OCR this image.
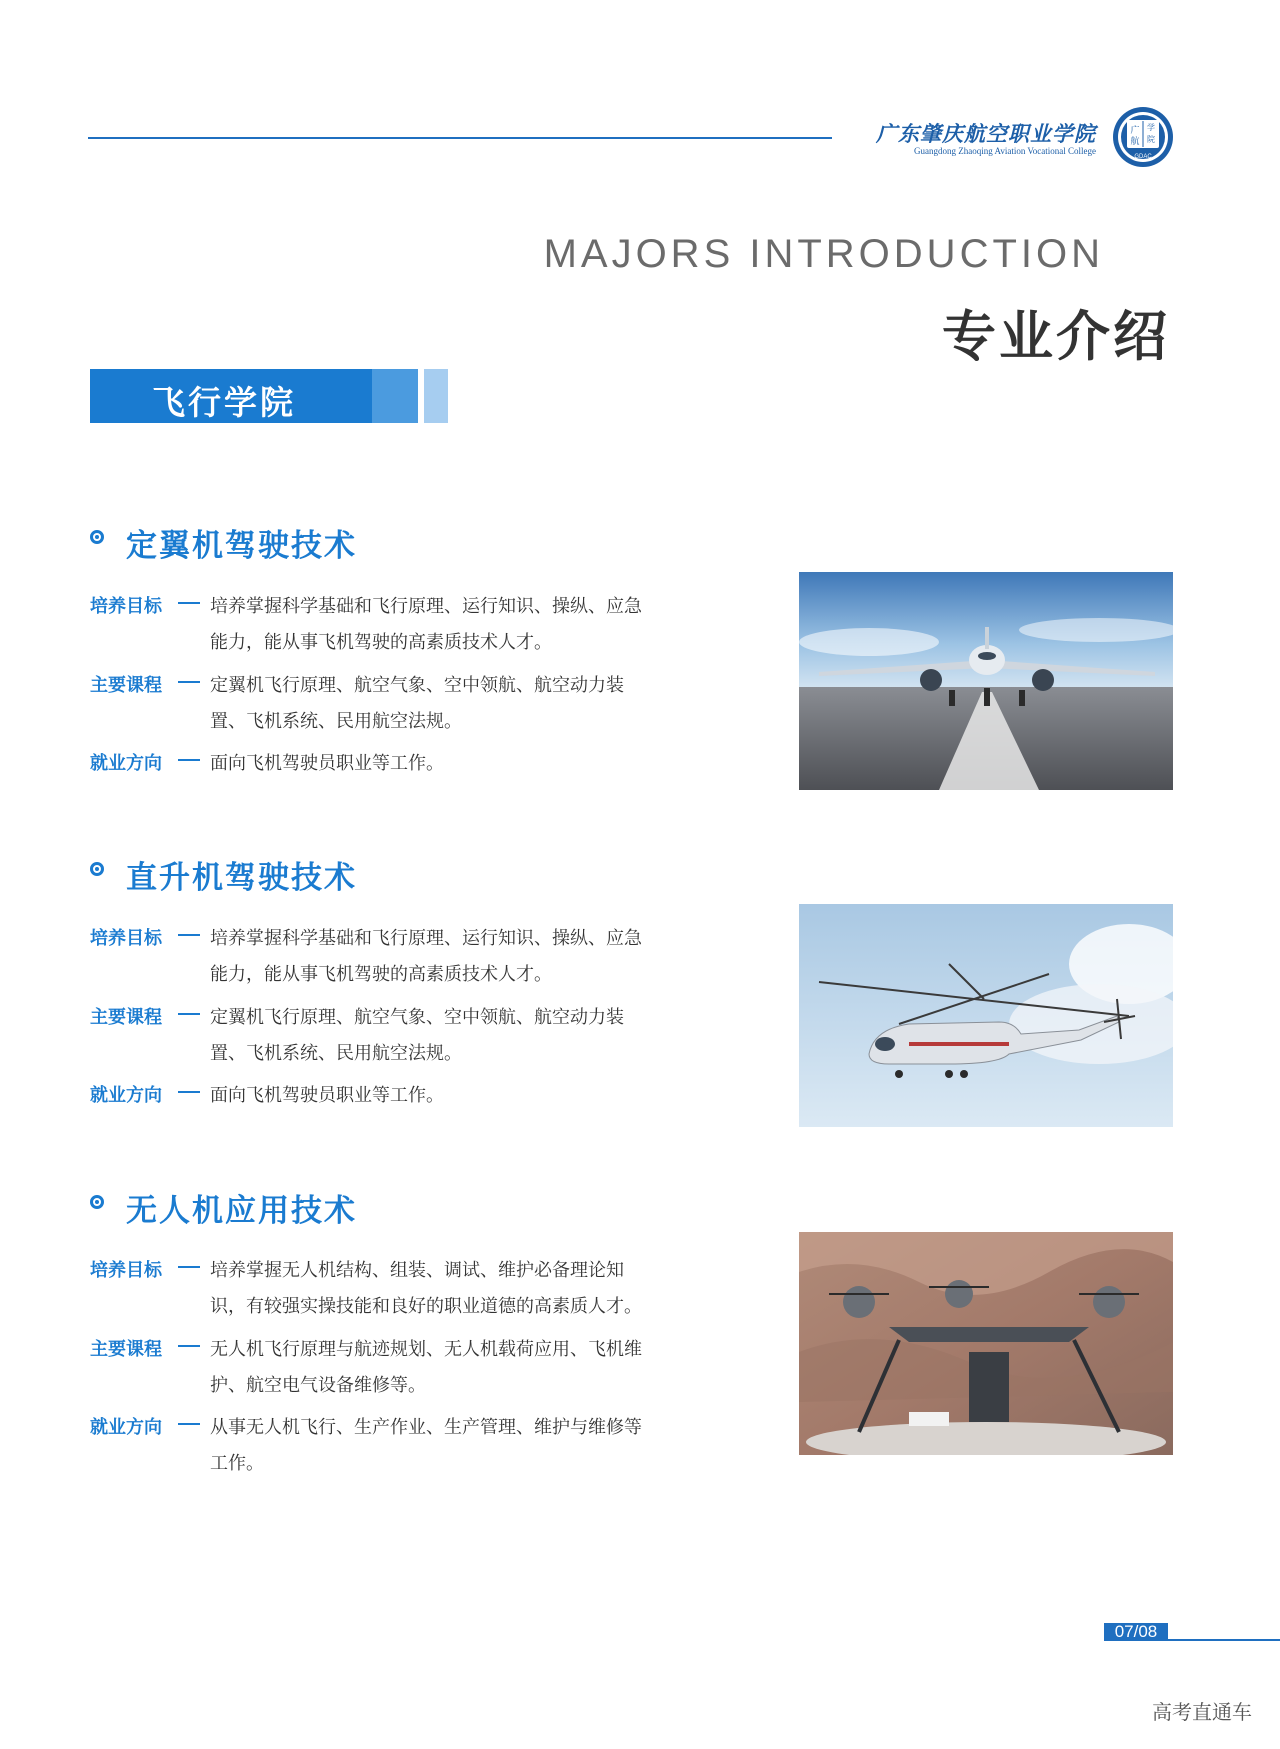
广东肇庆航空职业学院
Guangdong Zhaoqing Aviation Vocational College
广 学
航 院
GDAC
MAJORS INTRODUCTION
专业介绍
飞行学院
定翼机驾驶技术
培养目标	培养掌握科学基础和飞行原理、运行知识、操纵、应急能力，能从事飞机驾驶的高素质技术人才。
主要课程	定翼机飞行原理、航空气象、空中领航、航空动力装置、飞机系统、民用航空法规。
就业方向	面向飞机驾驶员职业等工作。
直升机驾驶技术
培养目标	培养掌握科学基础和飞行原理、运行知识、操纵、应急能力，能从事飞机驾驶的高素质技术人才。
主要课程	定翼机飞行原理、航空气象、空中领航、航空动力装置、飞机系统、民用航空法规。
就业方向	面向飞机驾驶员职业等工作。
无人机应用技术
培养目标	培养掌握无人机结构、组装、调试、维护必备理论知识，有较强实操技能和良好的职业道德的高素质人才。
主要课程	无人机飞行原理与航迹规划、无人机载荷应用、飞机维护、航空电气设备维修等。
就业方向	从事无人机飞行、生产作业、生产管理、维护与维修等工作。
07/08
高考直通车
